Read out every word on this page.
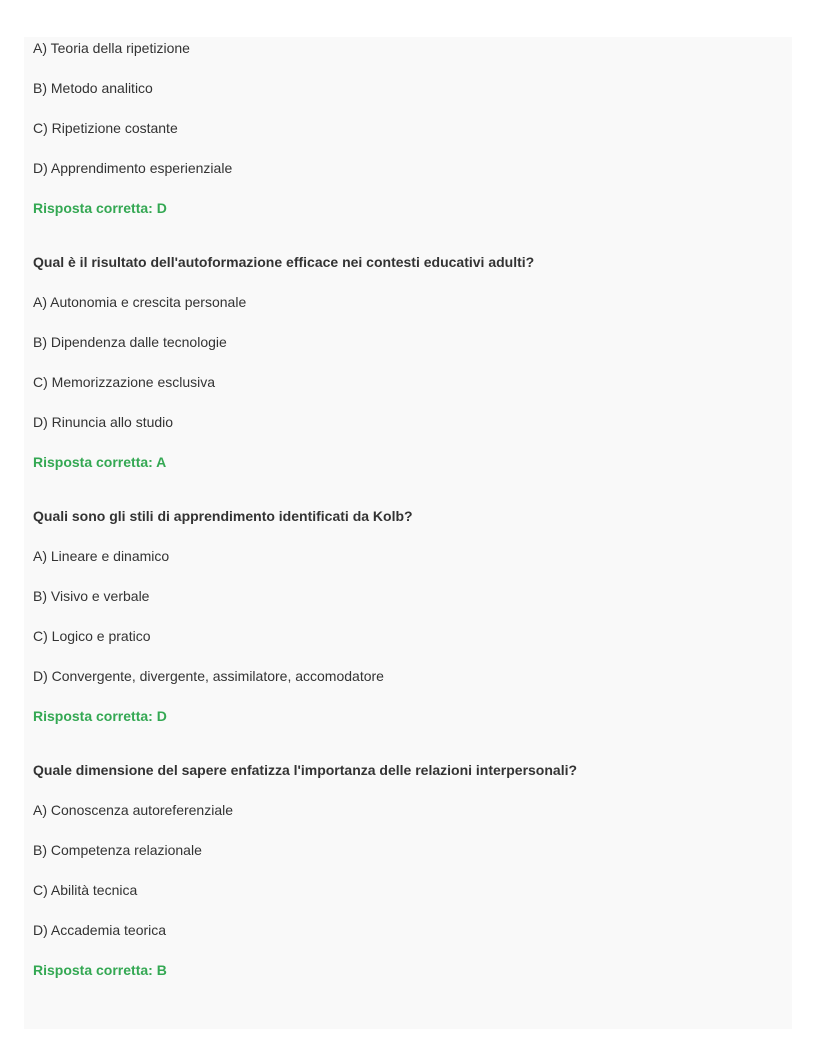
A) Teoria della ripetizione
B) Metodo analitico
C) Ripetizione costante
D) Apprendimento esperienziale
Risposta corretta: D
Qual è il risultato dell'autoformazione efficace nei contesti educativi adulti?
A) Autonomia e crescita personale
B) Dipendenza dalle tecnologie
C) Memorizzazione esclusiva
D) Rinuncia allo studio
Risposta corretta: A
Quali sono gli stili di apprendimento identificati da Kolb?
A) Lineare e dinamico
B) Visivo e verbale
C) Logico e pratico
D) Convergente, divergente, assimilatore, accomodatore
Risposta corretta: D
Quale dimensione del sapere enfatizza l'importanza delle relazioni interpersonali?
A) Conoscenza autoreferenziale
B) Competenza relazionale
C) Abilità tecnica
D) Accademia teorica
Risposta corretta: B
